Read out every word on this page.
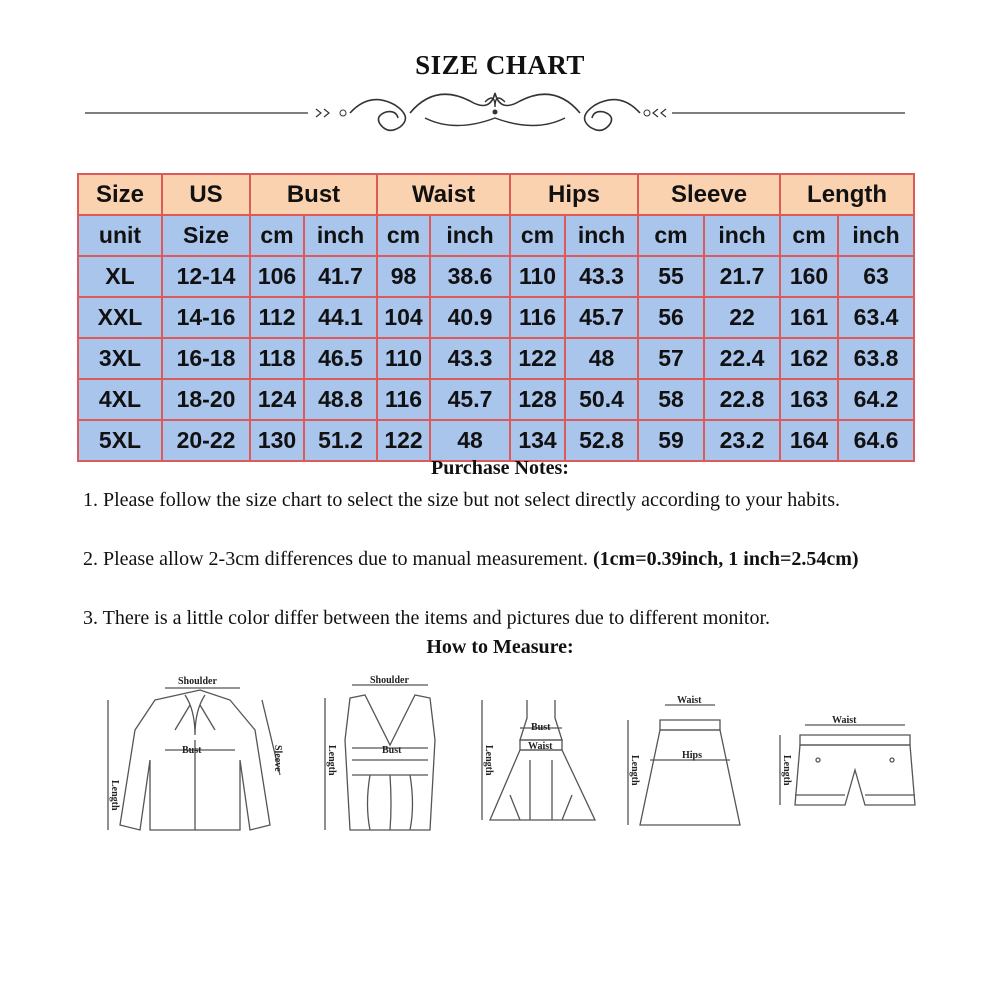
SIZE CHART
Size	US	Bust		Waist		Hips		Sleeve		Length	
unit	Size	cm	inch	cm	inch	cm	inch	cm	inch	cm	inch
XL	12-14	106	41.7	98	38.6	110	43.3	55	21.7	160	63
XXL	14-16	112	44.1	104	40.9	116	45.7	56	22	161	63.4
3XL	16-18	118	46.5	110	43.3	122	48	57	22.4	162	63.8
4XL	18-20	124	48.8	116	45.7	128	50.4	58	22.8	163	64.2
5XL	20-22	130	51.2	122	48	134	52.8	59	23.2	164	64.6
Purchase Notes:
1. Please follow the size chart to select the size but not select directly according to your habits.
2. Please allow 2-3cm differences due to manual measurement. (1cm=0.39inch, 1 inch=2.54cm)
3. There is a little color differ between the items and pictures due to different monitor.
How to Measure:
Shoulder
Bust
Length
Sleeve
Shoulder
Bust
Length
Bust
Waist
Length
Waist
Hips
Length
Waist
Length
